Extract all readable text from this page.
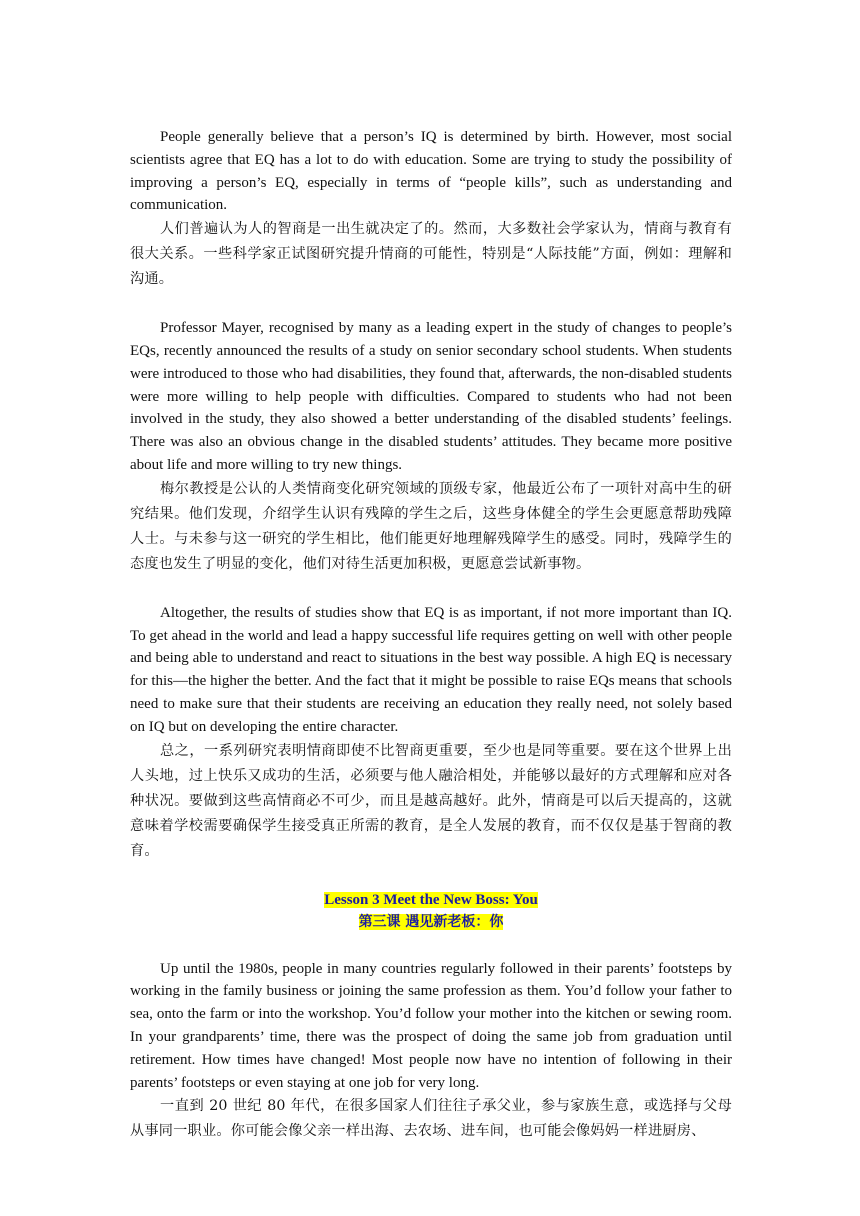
People generally believe that a person’s IQ is determined by birth. However, most social scientists agree that EQ has a lot to do with education. Some are trying to study the possibility of improving a person’s EQ, especially in terms of “people kills”, such as understanding and communication.

人们普遍认为人的智商是一出生就决定了的。然而，大多数社会学家认为，情商与教育有很大关系。一些科学家正试图研究提升情商的可能性，特别是“人际技能”方面，例如：理解和沟通。

Professor Mayer, recognised by many as a leading expert in the study of changes to people’s EQs, recently announced the results of a study on senior secondary school students. When students were introduced to those who had disabilities, they found that, afterwards, the non-disabled students were more willing to help people with difficulties. Compared to students who had not been involved in the study, they also showed a better understanding of the disabled students’ feelings. There was also an obvious change in the disabled students’ attitudes. They became more positive about life and more willing to try new things.

梅尔教授是公认的人类情商变化研究领域的顶级专家，他最近公布了一项针对高中生的研究结果。他们发现，介绍学生认识有残障的学生之后，这些身体健全的学生会更愿意帮助残障人士。与未参与这一研究的学生相比，他们能更好地理解残障学生的感受。同时，残障学生的态度也发生了明显的变化，他们对待生活更加积极，更愿意尝试新事物。

Altogether, the results of studies show that EQ is as important, if not more important than IQ. To get ahead in the world and lead a happy successful life requires getting on well with other people and being able to understand and react to situations in the best way possible. A high EQ is necessary for this—the higher the better. And the fact that it might be possible to raise EQs means that schools need to make sure that their students are receiving an education they really need, not solely based on IQ but on developing the entire character.

总之，一系列研究表明情商即使不比智商更重要，至少也是同等重要。要在这个世界上出人头地，过上快乐又成功的生活，必须要与他人融洽相处，并能够以最好的方式理解和应对各种状况。要做到这些高情商必不可少，而且是越高越好。此外，情商是可以后天提高的，这就意味着学校需要确保学生接受真正所需的教育，是全人发展的教育，而不仅仅是基于智商的教育。

Lesson 3 Meet the New Boss: You

第三课 遇见新老板：你

Up until the 1980s, people in many countries regularly followed in their parents’ footsteps by working in the family business or joining the same profession as them. You’d follow your father to sea, onto the farm or into the workshop. You’d follow your mother into the kitchen or sewing room. In your grandparents’ time, there was the prospect of doing the same job from graduation until retirement. How times have changed! Most people now have no intention of following in their parents’ footsteps or even staying at one job for very long.

一直到 20 世纪 80 年代，在很多国家人们往往子承父业，参与家族生意，或选择与父母从事同一职业。你可能会像父亲一样出海、去农场、进车间，也可能会像妈妈一样进厨房、
